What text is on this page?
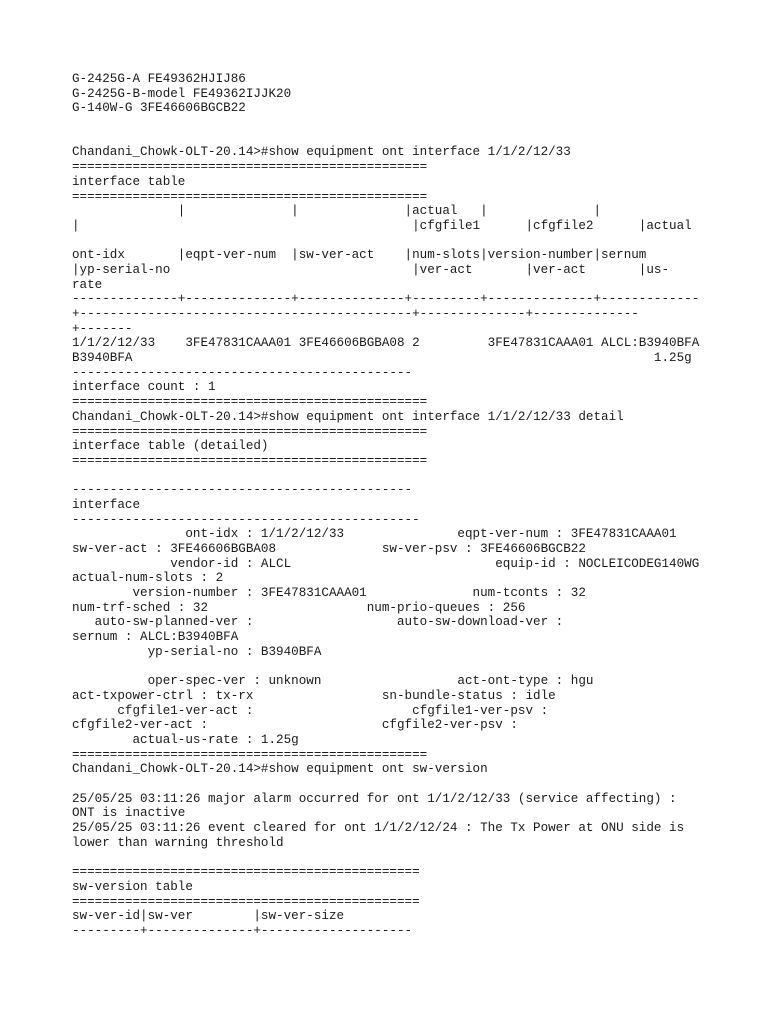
G-2425G-A FE49362HJIJ86
G-2425G-B-model FE49362IJJK20
G-140W-G 3FE46606BGCB22
Chandani_Chowk-OLT-20.14>#show equipment ont interface 1/1/2/12/33
===============================================
interface table
===============================================
|              |              |actual   |              |
|                                            |cfgfile1      |cfgfile2      |actual
ont-idx       |eqpt-ver-num  |sw-ver-act    |num-slots|version-number|sernum
|yp-serial-no                                |ver-act       |ver-act       |us-
rate
--------------+--------------+--------------+---------+--------------+-------------
+--------------------------------------------+--------------+--------------
+-------
1/1/2/12/33    3FE47831CAAA01 3FE46606BGBA08 2         3FE47831CAAA01 ALCL:B3940BFA
B3940BFA                                                                     1.25g
---------------------------------------------
interface count : 1
===============================================
Chandani_Chowk-OLT-20.14>#show equipment ont interface 1/1/2/12/33 detail
===============================================
interface table (detailed)
===============================================
---------------------------------------------
interface
----------------------------------------------
ont-idx : 1/1/2/12/33               eqpt-ver-num : 3FE47831CAAA01
sw-ver-act : 3FE46606BGBA08              sw-ver-psv : 3FE46606BGCB22
vendor-id : ALCL                           equip-id : NOCLEICODEG140WG
actual-num-slots : 2
version-number : 3FE47831CAAA01              num-tconts : 32
num-trf-sched : 32                     num-prio-queues : 256
auto-sw-planned-ver :                   auto-sw-download-ver :
sernum : ALCL:B3940BFA
yp-serial-no : B3940BFA
oper-spec-ver : unknown                  act-ont-type : hgu
act-txpower-ctrl : tx-rx                 sn-bundle-status : idle
cfgfile1-ver-act :                     cfgfile1-ver-psv :
cfgfile2-ver-act :                       cfgfile2-ver-psv :
actual-us-rate : 1.25g
===============================================
Chandani_Chowk-OLT-20.14>#show equipment ont sw-version
25/05/25 03:11:26 major alarm occurred for ont 1/1/2/12/33 (service affecting) :
ONT is inactive
25/05/25 03:11:26 event cleared for ont 1/1/2/12/24 : The Tx Power at ONU side is
lower than warning threshold
==============================================
sw-version table
==============================================
sw-ver-id|sw-ver        |sw-ver-size
---------+--------------+--------------------
